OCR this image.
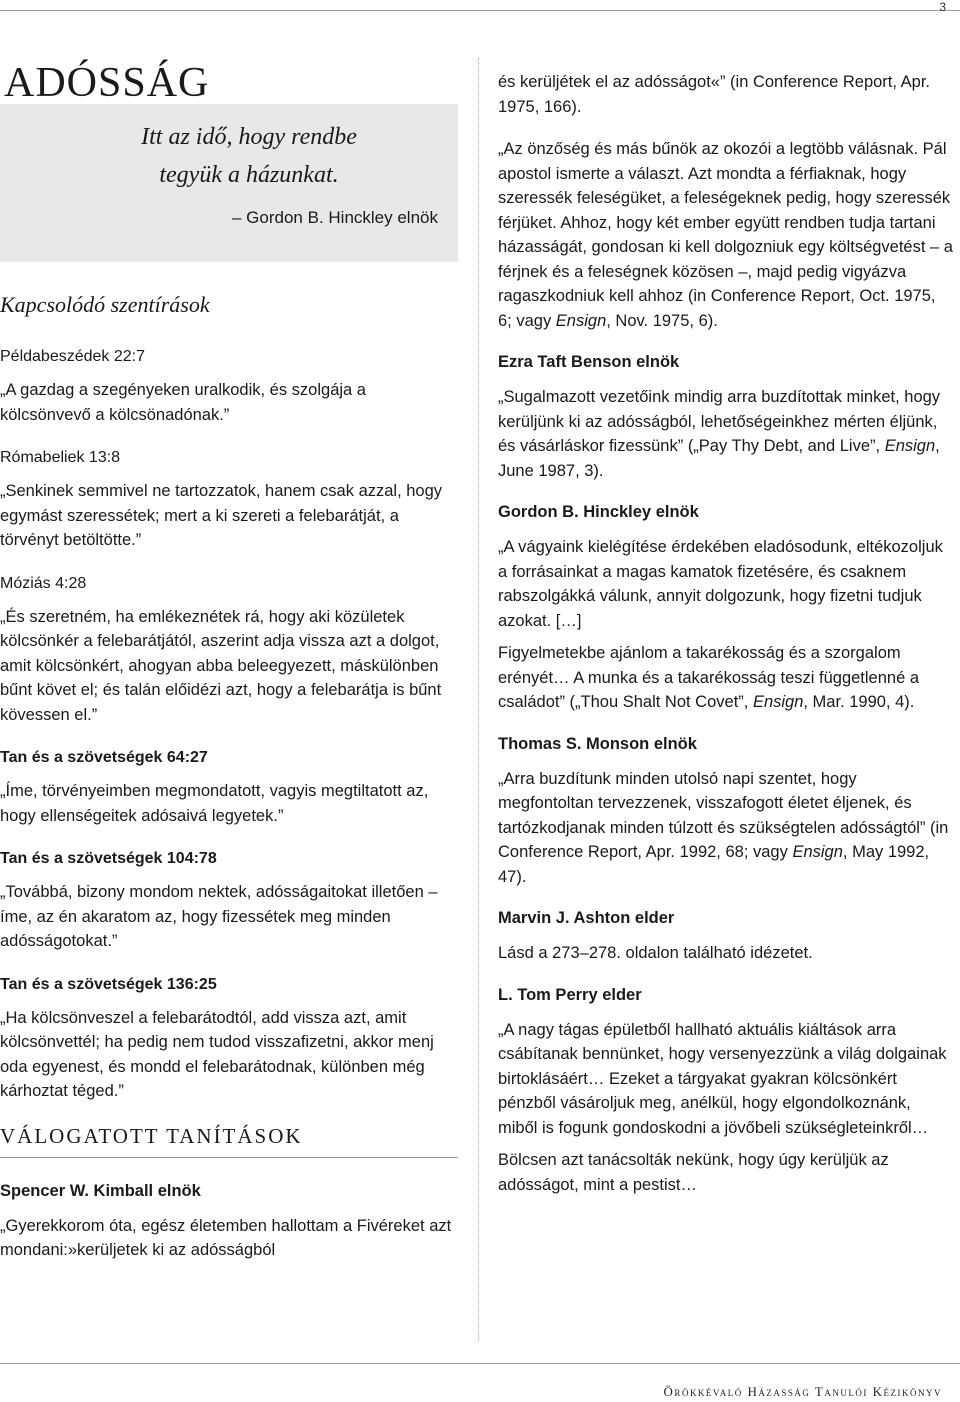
3
ADÓSSÁG
Itt az idő, hogy rendbe
tegyük a házunkat.
– Gordon B. Hinckley elnök
Kapcsolódó szentírások
Példabeszédek 22:7
„A gazdag a szegényeken uralkodik, és szolgája a kölcsönvevő a kölcsönadónak.”
Rómabeliek 13:8
„Senkinek semmivel ne tartozzatok, hanem csak azzal, hogy egymást szeressétek; mert a ki szereti a felebarátját, a törvényt betöltötte.”
Móziás 4:28
„És szeretném, ha emlékeznétek rá, hogy aki közületek kölcsönkér a felebarátjától, aszerint adja vissza azt a dolgot, amit kölcsönkért, ahogyan abba beleegyezett, máskülönben bűnt követ el; és talán előidézi azt, hogy a felebarátja is bűnt kövessen el.”
Tan és a szövetségek 64:27
„Íme, törvényeimben megmondatott, vagyis megtiltatott az, hogy ellenségeitek adósaivá legyetek.”
Tan és a szövetségek 104:78
„Továbbá, bizony mondom nektek, adósságaitokat illetően – íme, az én akaratom az, hogy fizessétek meg minden adósságotokat.”
Tan és a szövetségek 136:25
„Ha kölcsönveszel a felebarátodtól, add vissza azt, amit kölcsönvettél; ha pedig nem tudod visszafizetni, akkor menj oda egyenest, és mondd el felebarátodnak, különben még kárhoztat téged.”
VÁLOGATOTT TANÍTÁSOK
Spencer W. Kimball elnök
„Gyerekkorom óta, egész életemben hallottam a Fivéreket azt mondani:»kerüljetek ki az adósságból
és kerüljétek el az adósságot«” (in Conference Report, Apr. 1975, 166).
„Az önzőség és más bűnök az okozói a legtöbb válásnak. Pál apostol ismerte a választ. Azt mondta a férfiaknak, hogy szeressék feleségüket, a feleségeknek pedig, hogy szeressék férjüket. Ahhoz, hogy két ember együtt rendben tudja tartani házasságát, gondosan ki kell dolgozniuk egy költségvetést – a férjnek és a feleségnek közösen –, majd pedig vigyázva ragaszkodniuk kell ahhoz (in Conference Report, Oct. 1975, 6; vagy Ensign, Nov. 1975, 6).
Ezra Taft Benson elnök
„Sugalmazott vezetőink mindig arra buzdítottak minket, hogy kerüljünk ki az adósságból, lehetőségeinkhez mérten éljünk, és vásárláskor fizessünk” („Pay Thy Debt, and Live”, Ensign, June 1987, 3).
Gordon B. Hinckley elnök
„A vágyaink kielégítése érdekében eladósodunk, eltékozoljuk a forrásainkat a magas kamatok fizetésére, és csaknem rabszolgákká válunk, annyit dolgozunk, hogy fizetni tudjuk azokat. […]
Figyelmetekbe ajánlom a takarékosság és a szorgalom erényét… A munka és a takarékosság teszi függetlenné a családot” („Thou Shalt Not Covet”, Ensign, Mar. 1990, 4).
Thomas S. Monson elnök
„Arra buzdítunk minden utolsó napi szentet, hogy megfontoltan tervezzenek, visszafogott életet éljenek, és tartózkodjanak minden túlzott és szükségtelen adósságtól” (in Conference Report, Apr. 1992, 68; vagy Ensign, May 1992, 47).
Marvin J. Ashton elder
Lásd a 273–278. oldalon található idézetet.
L. Tom Perry elder
„A nagy tágas épületből hallható aktuális kiáltások arra csábítanak bennünket, hogy versenyezzünk a világ dolgainak birtoklásáért… Ezeket a tárgyakat gyakran kölcsönkért pénzből vásároljuk meg, anélkül, hogy elgondolkoznánk, miből is fogunk gondoskodni a jövőbeli szükségleteinkről…
Bölcsen azt tanácsolták nekünk, hogy úgy kerüljük az adósságot, mint a pestist…
Örökkévaló Házasság Tanulói Kézikönyv
